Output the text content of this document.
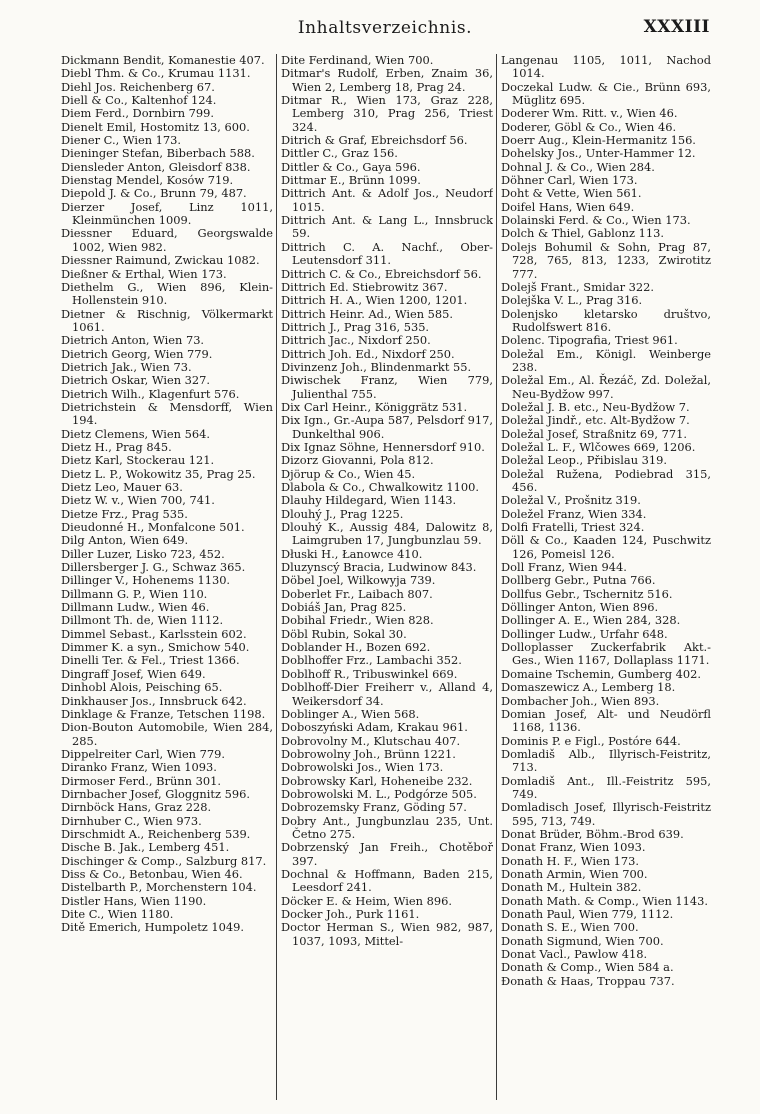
Inhaltsverzeichnis.	XXXIII
Dickmann Bendit, Komanestie 407.
Diebl Thm. & Co., Krumau 1131.
Diehl Jos. Reichenberg 67.
Diell & Co., Kaltenhof 124.
Diem Ferd., Dornbirn 799.
Dienelt Emil, Hostomitz 13, 600.
Diener C., Wien 173.
Dieninger Stefan, Biberbach 588.
Diensleder Anton, Gleisdorf 838.
Dienstag Mendel, Kosów 719.
Diepold J. & Co., Brunn 79, 487.
Dierzer Josef, Linz 1011, Kleinmünchen 1009.
Diessner Eduard, Georgswalde 1002, Wien 982.
Diessner Raimund, Zwickau 1082.
Dießner & Erthal, Wien 173.
Diethelm G., Wien 896, Klein-Hollenstein 910.
Dietner & Rischnig, Völkermarkt 1061.
Dietrich Anton, Wien 73.
Dietrich Georg, Wien 779.
Dietrich Jak., Wien 73.
Dietrich Oskar, Wien 327.
Dietrich Wilh., Klagenfurt 576.
Dietrichstein & Mensdorff, Wien 194.
Dietz Clemens, Wien 564.
Dietz H., Prag 845.
Dietz Karl, Stockerau 121.
Dietz L. P., Wokowitz 35, Prag 25.
Dietz Leo, Mauer 63.
Dietz W. v., Wien 700, 741.
Dietze Frz., Prag 535.
Dieudonné H., Monfalcone 501.
Dilg Anton, Wien 649.
Diller Luzer, Lisko 723, 452.
Dillersberger J. G., Schwaz 365.
Dillinger V., Hohenems 1130.
Dillmann G. P., Wien 110.
Dillmann Ludw., Wien 46.
Dillmont Th. de, Wien 1112.
Dimmel Sebast., Karlsstein 602.
Dimmer K. a syn., Smichow 540.
Dinelli Ter. & Fel., Triest 1366.
Dingraff Josef, Wien 649.
Dinhobl Alois, Peisching 65.
Dinkhauser Jos., Innsbruck 642.
Dinklage & Franze, Tetschen 1198.
Dion-Bouton Automobile, Wien 284, 285.
Dippelreiter Carl, Wien 779.
Diranko Franz, Wien 1093.
Dirmoser Ferd., Brünn 301.
Dirnbacher Josef, Gloggnitz 596.
Dirnböck Hans, Graz 228.
Dirnhuber C., Wien 973.
Dirschmidt A., Reichenberg 539.
Dische B. Jak., Lemberg 451.
Dischinger & Comp., Salzburg 817.
Diss & Co., Betonbau, Wien 46.
Distelbarth P., Morchenstern 104.
Distler Hans, Wien 1190.
Dite C., Wien 1180.
Ditě Emerich, Humpoletz 1049.
Dite Ferdinand, Wien 700.
Ditmar's Rudolf, Erben, Znaim 36, Wien 2, Lemberg 18, Prag 24.
Ditmar R., Wien 173, Graz 228, Lemberg 310, Prag 256, Triest 324.
Ditrich & Graf, Ebreichsdorf 56.
Dittler C., Graz 156.
Dittler & Co., Gaya 596.
Dittmar E., Brünn 1099.
Dittrich Ant. & Adolf Jos., Neudorf 1015.
Dittrich Ant. & Lang L., Innsbruck 59.
Dittrich C. A. Nachf., Ober-Leutensdorf 311.
Dittrich C. & Co., Ebreichsdorf 56.
Dittrich Ed. Stiebrowitz 367.
Dittrich H. A., Wien 1200, 1201.
Dittrich Heinr. Ad., Wien 585.
Dittrich J., Prag 316, 535.
Dittrich Jac., Nixdorf 250.
Dittrich Joh. Ed., Nixdorf 250.
Divinzenz Joh., Blindenmarkt 55.
Diwischek Franz, Wien 779, Julienthal 755.
Dix Carl Heinr., Königgrätz 531.
Dix Ign., Gr.-Aupa 587, Pelsdorf 917, Dunkelthal 906.
Dix Ignaz Söhne, Hennersdorf 910.
Dizorz Giovanni, Pola 812.
Djörup & Co., Wien 45.
Dlabola & Co., Chwalkowitz 1100.
Dlauhy Hildegard, Wien 1143.
Dlouhý J., Prag 1225.
Dlouhý K., Aussig 484, Dalowitz 8, Laimgruben 17, Jungbunzlau 59.
Dłuski H., Łanowce 410.
Dluzynscý Bracia, Ludwinow 843.
Döbel Joel, Wilkowyja 739.
Doberlet Fr., Laibach 807.
Dobiáš Jan, Prag 825.
Dobihal Friedr., Wien 828.
Döbl Rubin, Sokal 30.
Doblander H., Bozen 692.
Doblhoffer Frz., Lambachi 352.
Doblhoff R., Tribuswinkel 669.
Doblhoff-Dier Freiherr v., Alland 4, Weikersdorf 34.
Doblinger A., Wien 568.
Doboszyński Adam, Krakau 961.
Dobrovolny M., Klutschau 407.
Dobrowolny Joh., Brünn 1221.
Dobrowolski Jos., Wien 173.
Dobrowsky Karl, Hoheneibe 232.
Dobrowolski M. L., Podgórze 505.
Dobrozemsky Franz, Göding 57.
Dobry Ant., Jungbunzlau 235, Unt. Četno 275.
Dobrzenský Jan Freih., Chotěboř 397.
Dochnal & Hoffmann, Baden 215, Leesdorf 241.
Döcker E. & Heim, Wien 896.
Docker Joh., Purk 1161.
Doctor Herman S., Wien 982, 987, 1037, 1093, Mittel-
Langenau 1105, 1011, Nachod 1014.
Doczekal Ludw. & Cie., Brünn 693, Müglitz 695.
Doderer Wm. Ritt. v., Wien 46.
Doderer, Göbl & Co., Wien 46.
Doerr Aug., Klein-Hermanitz 156.
Dohelsky Jos., Unter-Hammer 12.
Dohnal J. & Co., Wien 284.
Döhner Carl, Wien 173.
Doht & Vette, Wien 561.
Doifel Hans, Wien 649.
Dolainski Ferd. & Co., Wien 173.
Dolch & Thiel, Gablonz 113.
Doleјs Bohumil & Sohn, Prag 87, 728, 765, 813, 1233, Zwirotitz 777.
Doleјš Frant., Smidar 322.
Doleјška V. L., Prag 316.
Dolenjsko kletarsko društvo, Rudolfswert 816.
Dolenc. Tipografia, Triest 961.
Doležal Em., Königl. Weinberge 238.
Doležal Em., Al. Řezáč, Zd. Doležal, Neu-Bydžow 997.
Doležal J. B. etc., Neu-Bydžow 7.
Doležal Jindř., etc. Alt-Bydžow 7.
Doležal Josef, Straßnitz 69, 771.
Doležal L. F., Wlčowes 669, 1206.
Doležal Leop., Přibislau 319.
Doležal Ružena, Podiebrad 315, 456.
Doležal V., Prošnitz 319.
Doležel Franz, Wien 334.
Dolfi Fratelli, Triest 324.
Döll & Co., Kaaden 124, Puschwitz 126, Pomeisl 126.
Doll Franz, Wien 944.
Dollberg Gebr., Putna 766.
Dollfus Gebr., Tschernitz 516.
Döllinger Anton, Wien 896.
Dollinger A. E., Wien 284, 328.
Dollinger Ludw., Urfahr 648.
Dolloplasser Zuckerfabrik Akt.-Ges., Wien 1167, Dollaplass 1171.
Domaine Tschemin, Gumberg 402.
Domaszewicz A., Lemberg 18.
Dombacher Joh., Wien 893.
Domian Josef, Alt- und Neudörfl 1168, 1136.
Dominis P. e Figl., Postóre 644.
Domladiš Alb., Illyrisch-Feistritz, 713.
Domladiš Ant., Ill.-Feistritz 595, 749.
Domladisch Josef, Illyrisch-Feistritz 595, 713, 749.
Donat Brüder, Böhm.-Brod 639.
Donat Franz, Wien 1093.
Donath H. F., Wien 173.
Donath Armin, Wien 700.
Donath M., Hultein 382.
Donath Math. & Comp., Wien 1143.
Donath Paul, Wien 779, 1112.
Donath S. E., Wien 700.
Donath Sigmund, Wien 700.
Donat Vacl., Pawlow 418.
Donath & Comp., Wien 584 a.
Ðonath & Haas, Troppau 737.
